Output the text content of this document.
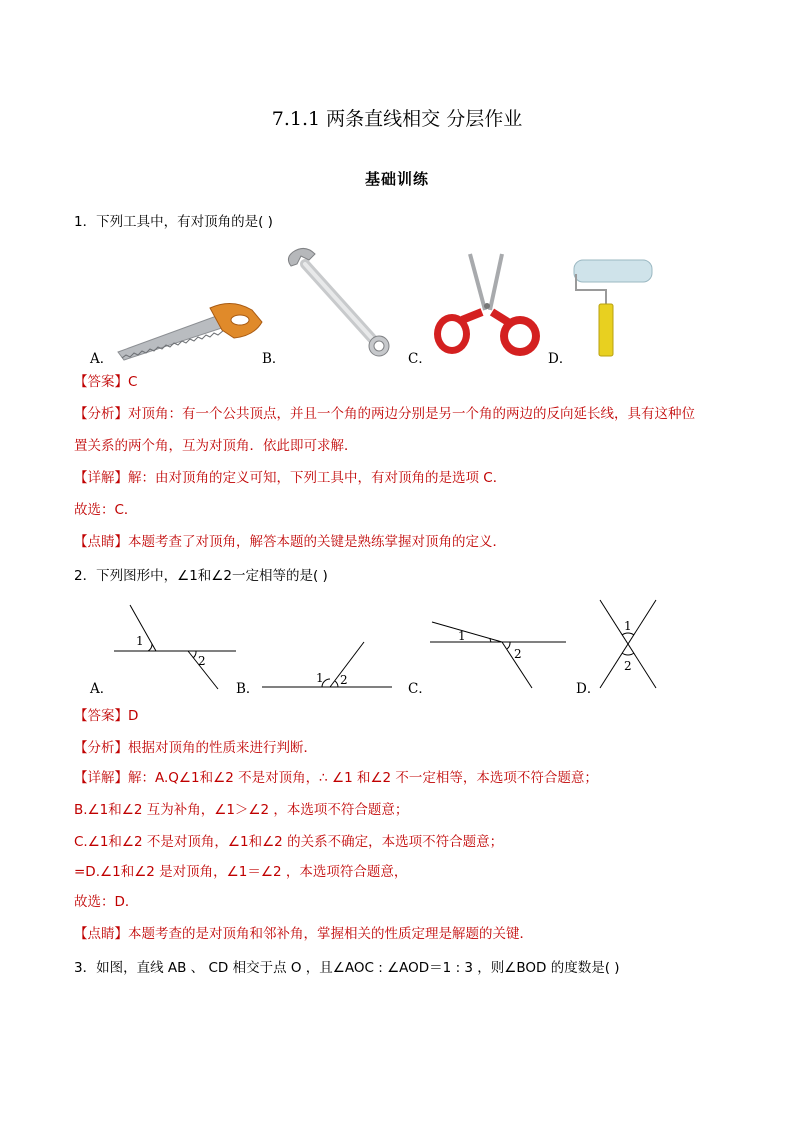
7.1.1 两条直线相交 分层作业
基础训练
1．下列工具中，有对顶角的是( )
A．	B．	C．	D．
【答案】C
【分析】对顶角：有一个公共顶点，并且一个角的两边分别是另一个角的两边的反向延长线，具有这种位
置关系的两个角，互为对顶角．依此即可求解．
【详解】解：由对顶角的定义可知，下列工具中，有对顶角的是选项 C．
故选：C．
【点睛】本题考查了对顶角，解答本题的关键是熟练掌握对顶角的定义．
2．下列图形中，∠1和∠2一定相等的是( )
1
2
A．
1 2
B．
1
2
C．
1
2
D．
【答案】D
【分析】根据对顶角的性质来进行判断．
【详解】解：A.Q∠1和∠2 不是对顶角，∴ ∠1 和∠2 不一定相等，本选项不符合题意；
B.∠1和∠2 互为补角，∠1＞∠2 ，本选项不符合题意；
C.∠1和∠2 不是对顶角，∠1和∠2 的关系不确定，本选项不符合题意；
=D.∠1和∠2 是对顶角，∠1＝∠2 ，本选项符合题意，
故选：D．
【点睛】本题考查的是对顶角和邻补角，掌握相关的性质定理是解题的关键．
3．如图，直线 AB 、 CD 相交于点 O ，且∠AOC : ∠AOD＝1 : 3 ，则∠BOD 的度数是( )
